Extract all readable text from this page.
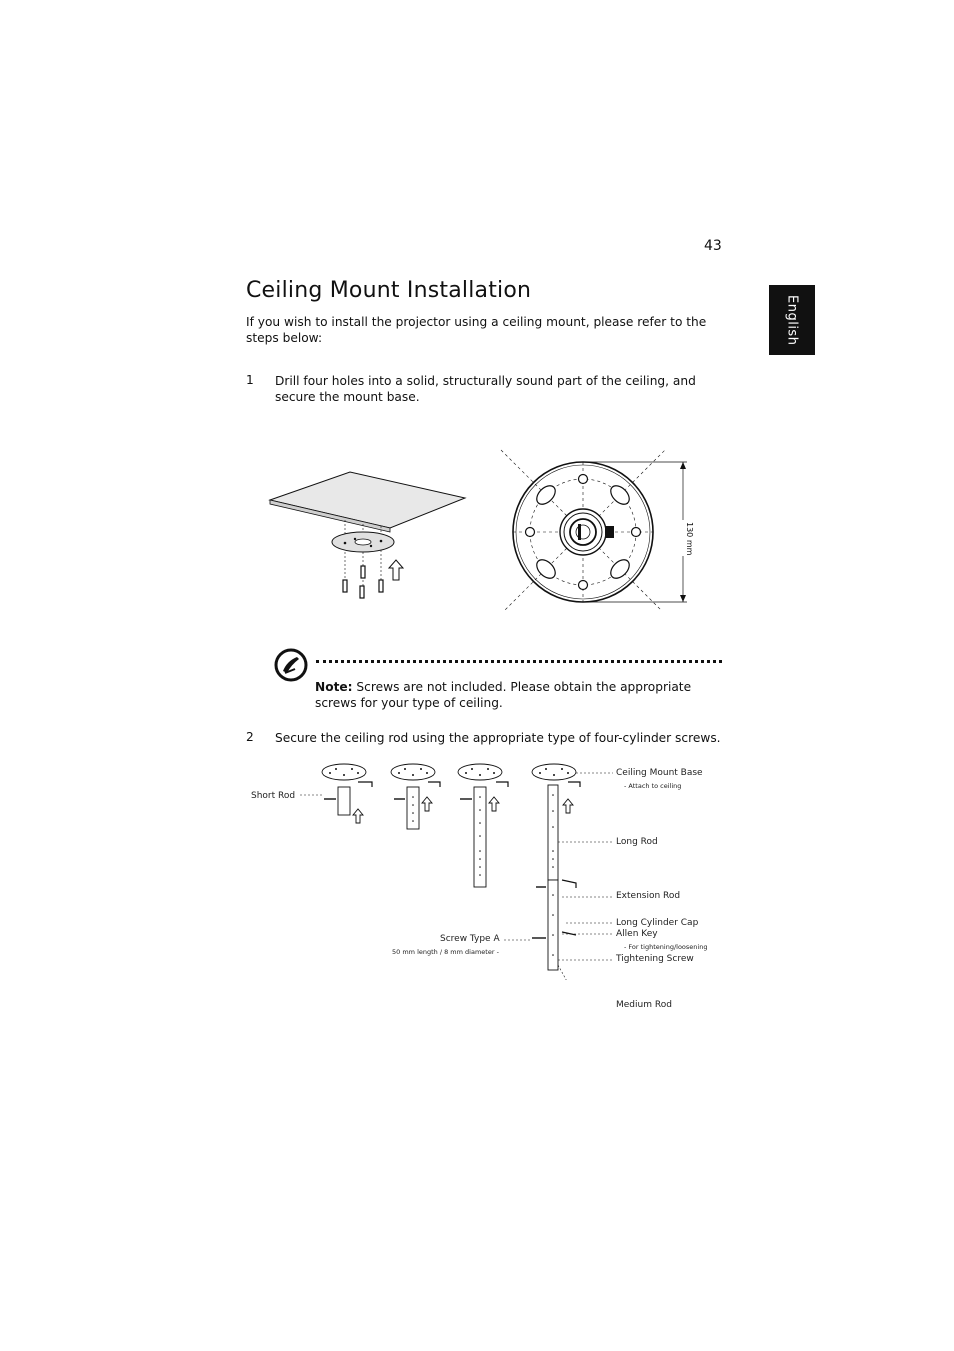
43
English
Ceiling Mount Installation
If you wish to install the projector using a ceiling mount, please refer to the steps below:
1 Drill four holes into a solid, structurally sound part of the ceiling, and secure the mount base.
130 mm
Note: Screws are not included. Please obtain the appropriate screws for your type of ceiling.
2 Secure the ceiling rod using the appropriate type of four-cylinder screws.
Short Rod
Ceiling Mount Base
- Attach to ceiling
Long Rod
Extension Rod
Long Cylinder Cap
Allen Key
- For tightening/loosening
Tightening Screw
Screw Type A
50 mm length / 8 mm diameter -
Medium Rod
